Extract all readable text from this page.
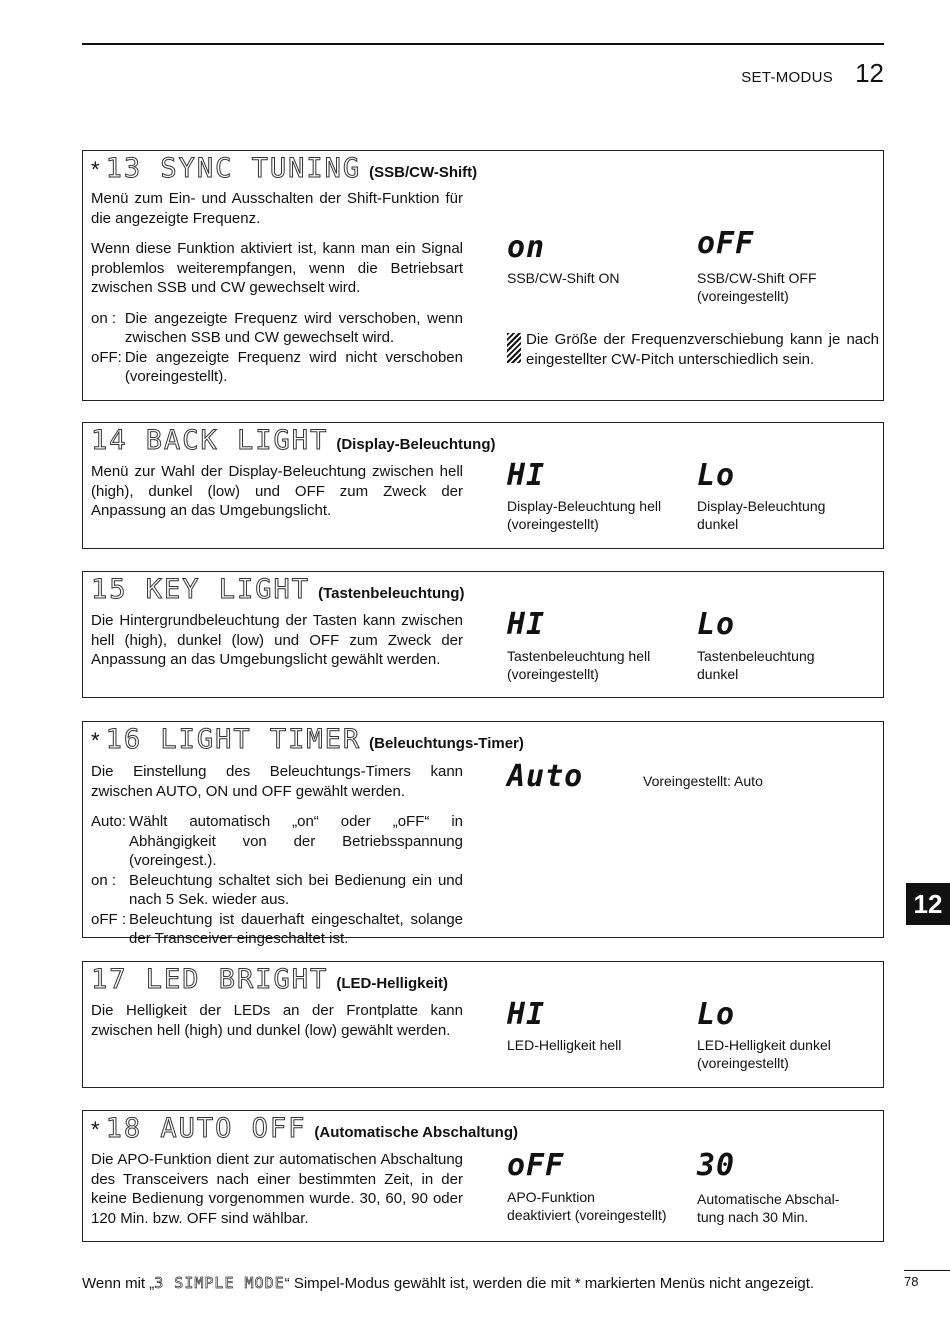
SET-MODUS 12
12
* 13 SYNC TUNING (SSB/CW-Shift)

Menü zum Ein- und Ausschalten der Shift-Funktion für die angezeigte Frequenz.

Wenn diese Funktion aktiviert ist, kann man ein Signal problemlos weiterempfangen, wenn die Betriebsart zwischen SSB und CW gewechselt wird.

on : Die angezeigte Frequenz wird verschoben, wenn zwischen SSB und CW gewechselt wird.
oFF: Die angezeigte Frequenz wird nicht verschoben (voreingestellt).
on
SSB/CW-Shift ON
oFF
SSB/CW-Shift OFF
(voreingestellt)
Die Größe der Frequenzverschiebung kann je nach eingestellter CW-Pitch unterschiedlich sein.
14 BACK LIGHT (Display-Beleuchtung)

Menü zur Wahl der Display-Beleuchtung zwischen hell (high), dunkel (low) und OFF zum Zweck der Anpassung an das Umgebungslicht.

HI
Display-Beleuchtung hell
(voreingestellt)
Lo
Display-Beleuchtung
dunkel
15 KEY LIGHT (Tastenbeleuchtung)

Die Hintergrundbeleuchtung der Tasten kann zwischen hell (high), dunkel (low) und OFF zum Zweck der Anpassung an das Umgebungslicht gewählt werden.

HI
Tastenbeleuchtung hell
(voreingestellt)
Lo
Tastenbeleuchtung
dunkel
* 16 LIGHT TIMER (Beleuchtungs-Timer)

Die Einstellung des Beleuchtungs-Timers kann zwischen AUTO, ON und OFF gewählt werden.

Auto: Wählt automatisch „on“ oder „oFF“ in Abhängigkeit von der Betriebsspannung (voreingest.).
on : Beleuchtung schaltet sich bei Bedienung ein und nach 5 Sek. wieder aus.
oFF : Beleuchtung ist dauerhaft eingeschaltet, solange der Transceiver eingeschaltet ist.
Auto	Voreingestellt: Auto
17 LED BRIGHT (LED-Helligkeit)

Die Helligkeit der LEDs an der Frontplatte kann zwischen hell (high) und dunkel (low) gewählt werden.	HI
LED-Helligkeit hell
Lo
LED-Helligkeit dunkel
(voreingestellt)
* 18 AUTO OFF (Automatische Abschaltung)

Die APO-Funktion dient zur automatischen Abschaltung des Transceivers nach einer bestimmten Zeit, in der keine Bedienung vorgenommen wurde. 30, 60, 90 oder 120 Min. bzw. OFF sind wählbar.

oFF
APO-Funktion
deaktiviert (voreingestellt)
30
Automatische Abschal-
tung nach 30 Min.
Wenn mit „3 SIMPLE MODE“ Simpel-Modus gewählt ist, werden die mit * markierten Menüs nicht angezeigt.	78
